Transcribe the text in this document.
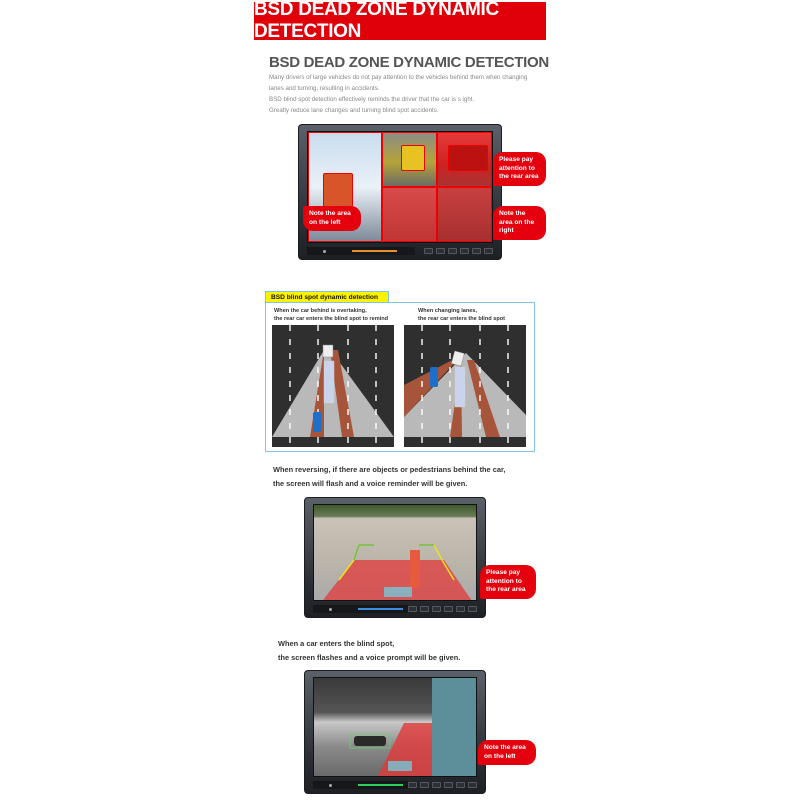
BSD DEAD ZONE DYNAMIC DETECTION
BSD DEAD ZONE DYNAMIC DETECTION

Many drivers of large vehicles do not pay attention to the vehicles behind them when changing

lanes and turning, resulting in accidents.

BSD blind spot detection effectively reminds the driver that the car is s ight.

Greatly reduce lane changes and turning blind spot accidents.

Please pay attention to the rear area
Note the area on the left
Note the area on the right
BSD blind spot dynamic detection
When the car behind is overtaking,
the rear car enters the blind spot to remind
When changing lanes,
the rear car enters the blind spot
When reversing, if there are objects or pedestrians behind the car,
the screen will flash and a voice reminder will be given.
Please pay attention to the rear area
When a car enters the blind spot,
the screen flashes and a voice prompt will be given.
Note the area on the left
